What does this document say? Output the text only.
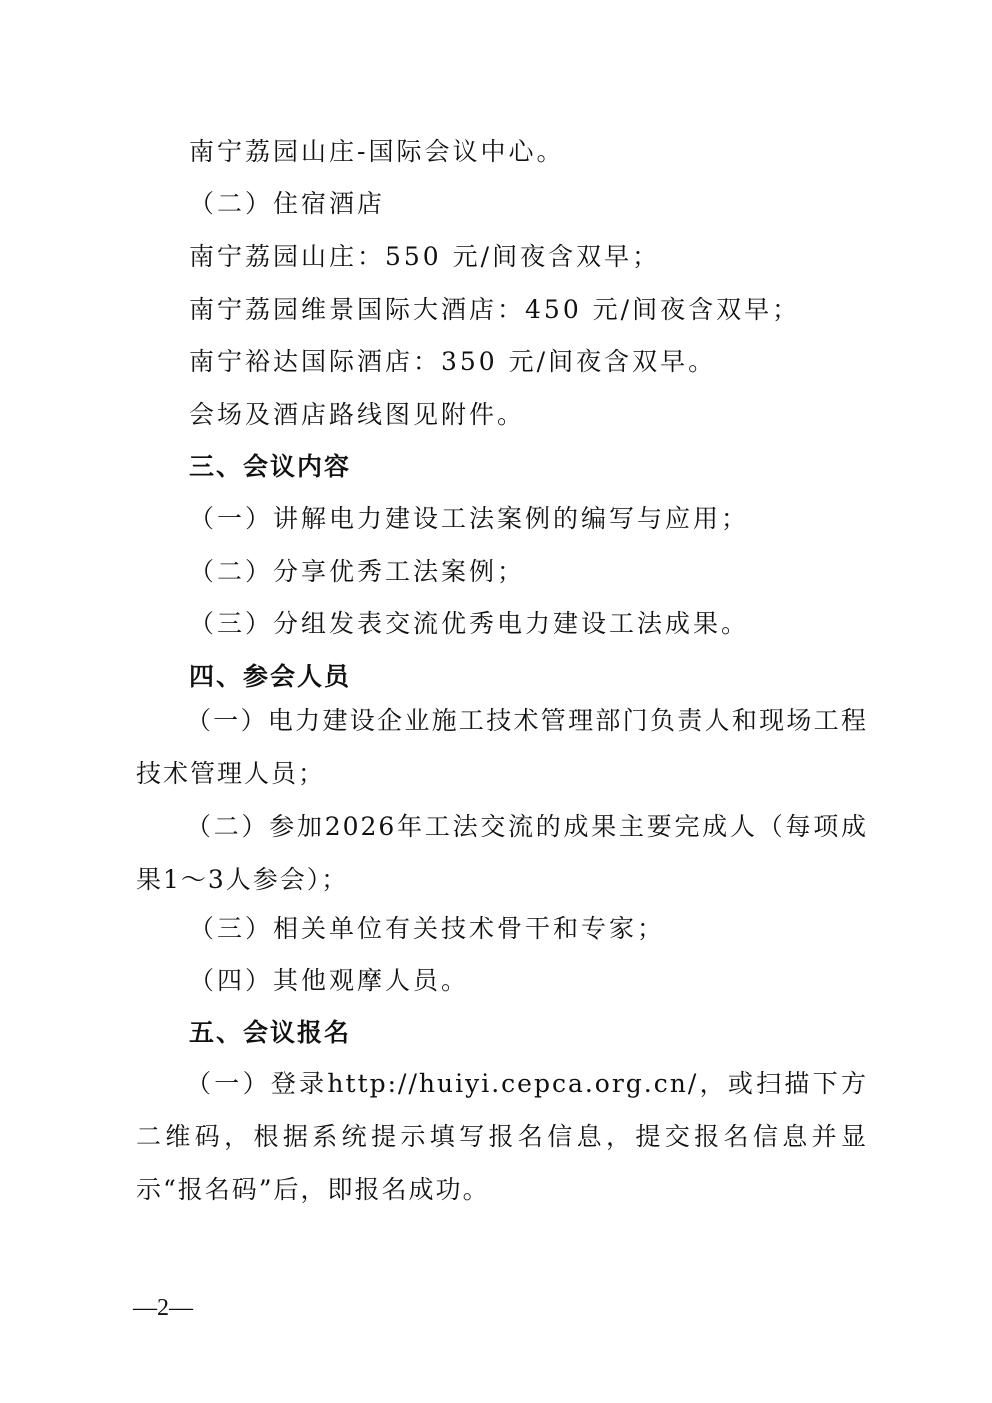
南宁荔园山庄-国际会议中心。
（二）住宿酒店
南宁荔园山庄：550 元/间夜含双早；
南宁荔园维景国际大酒店：450 元/间夜含双早；
南宁裕达国际酒店：350 元/间夜含双早。
会场及酒店路线图见附件。
三、会议内容
（一）讲解电力建设工法案例的编写与应用；
（二）分享优秀工法案例；
（三）分组发表交流优秀电力建设工法成果。
四、参会人员
（一）电力建设企业施工技术管理部门负责人和现场工程技术管理人员；
（二）参加2026年工法交流的成果主要完成人（每项成果1～3人参会）；
（三）相关单位有关技术骨干和专家；
（四）其他观摩人员。
五、会议报名
（一）登录http://huiyi.cepca.org.cn/，或扫描下方二维码，根据系统提示填写报名信息，提交报名信息并显示“报名码”后，即报名成功。
—2—
